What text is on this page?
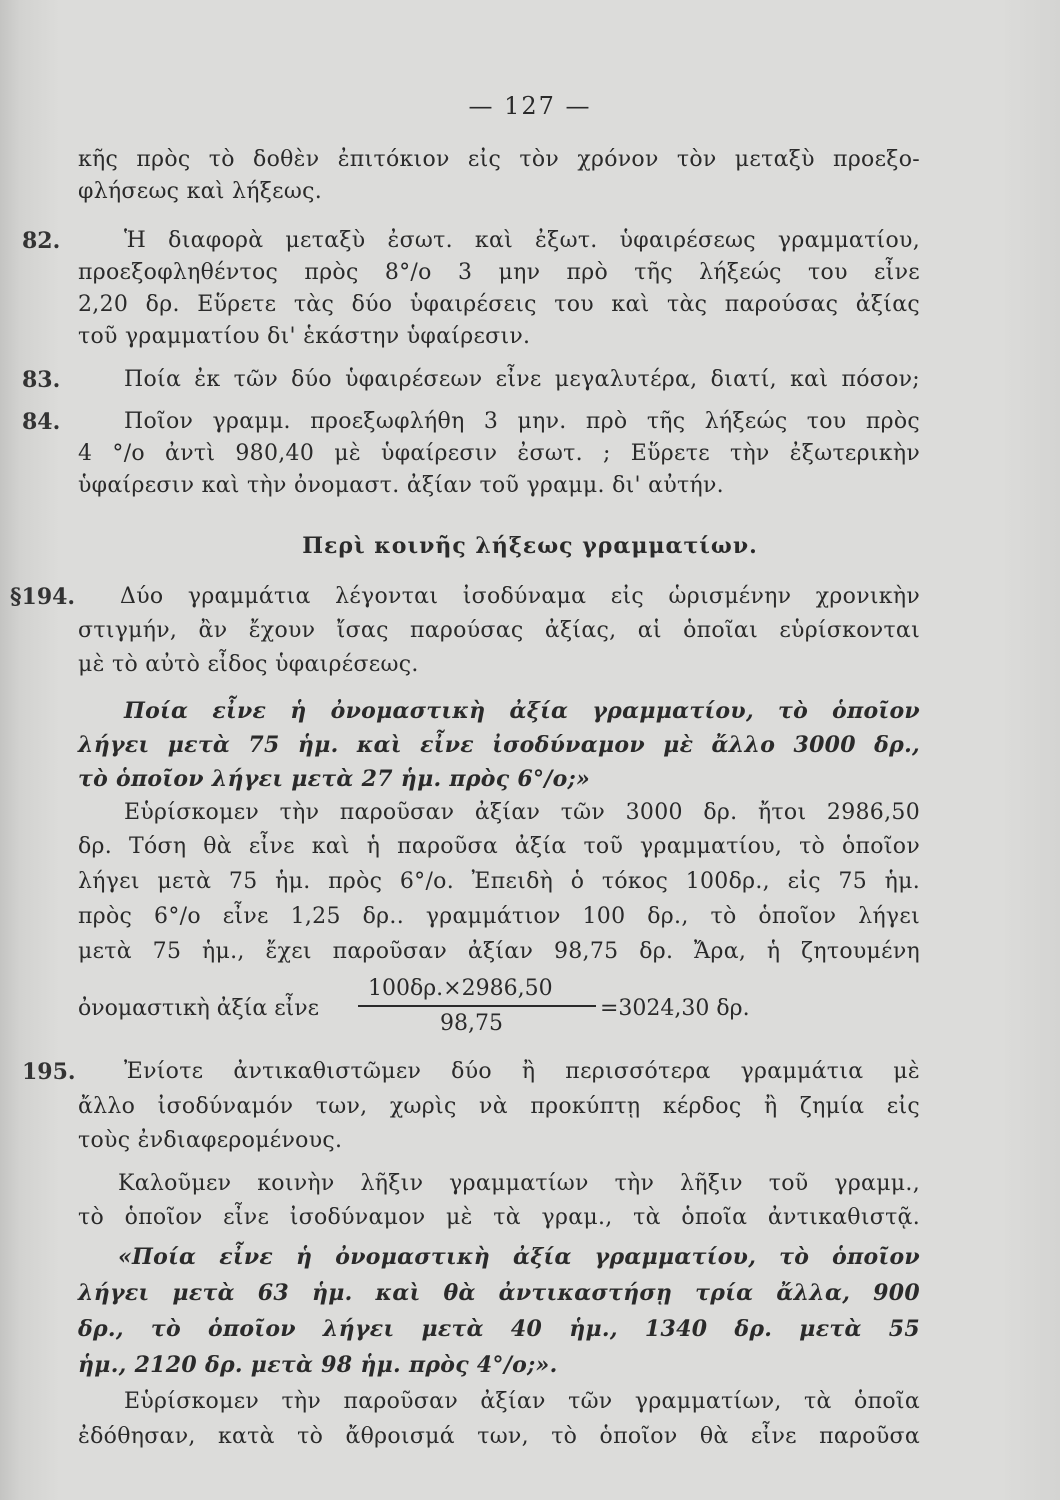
— 127 —
κῆς πρὸς τὸ δοθὲν ἐπιτόκιον εἰς τὸν χρόνον τὸν μεταξὺ προεξο-
φλήσεως καὶ λήξεως.
82.	Ἡ διαφορὰ μεταξὺ ἐσωτ. καὶ ἐξωτ. ὑφαιρέσεως γραμματίου,
προεξοφληθέντος πρὸς 8°/ο 3 μην πρὸ τῆς λήξεώς του εἶνε
2,20 δρ. Εὕρετε τὰς δύο ὑφαιρέσεις του καὶ τὰς παρούσας ἀξίας
τοῦ γραμματίου δι' ἑκάστην ὑφαίρεσιν.
83.	Ποία ἐκ τῶν δύο ὑφαιρέσεων εἶνε μεγαλυτέρα, διατί, καὶ πόσον;
84.	Ποῖον γραμμ. προεξωφλήθη 3 μην. πρὸ τῆς λήξεώς του πρὸς
4 °/ο ἀντὶ 980,40 μὲ ὑφαίρεσιν ἐσωτ. ; Εὕρετε τὴν ἐξωτερικὴν
ὑφαίρεσιν καὶ τὴν ὀνομαστ. ἀξίαν τοῦ γραμμ. δι' αὐτήν.
Περὶ κοινῆς λήξεως γραμματίων.
§194. Δύο γραμμάτια λέγονται ἰσοδύναμα εἰς ὡρισμένην χρονικὴν
στιγμήν, ἂν ἔχουν ἴσας παρούσας ἀξίας, αἱ ὁποῖαι εὑρίσκονται
μὲ τὸ αὐτὸ εἶδος ὑφαιρέσεως.
Ποία εἶνε ἡ ὀνομαστικὴ ἀξία γραμματίου, τὸ ὁποῖον
λήγει μετὰ 75 ἡμ. καὶ εἶνε ἰσοδύναμον μὲ ἄλλο 3000 δρ.,
τὸ ὁποῖον λήγει μετὰ 27 ἡμ. πρὸς 6°/ο;»
Εὑρίσκομεν τὴν παροῦσαν ἀξίαν τῶν 3000 δρ. ἤτοι 2986,50
δρ. Τόση θὰ εἶνε καὶ ἡ παροῦσα ἀξία τοῦ γραμματίου, τὸ ὁποῖον
λήγει μετὰ 75 ἡμ. πρὸς 6°/ο. Ἐπειδὴ ὁ τόκος 100δρ., εἰς 75 ἡμ.
πρὸς 6°/ο εἶνε 1,25 δρ.. γραμμάτιον 100 δρ., τὸ ὁποῖον λήγει
μετὰ 75 ἡμ., ἔχει παροῦσαν ἀξίαν 98,75 δρ. Ἄρα, ἡ ζητουμένη
ὀνομαστικὴ ἀξία εἶνε
100δρ.×2986,50
98,75
=3024,30 δρ.
195. Ἐνίοτε ἀντικαθιστῶμεν δύο ἢ περισσότερα γραμμάτια μὲ
ἄλλο ἰσοδύναμόν των, χωρὶς νὰ προκύπτῃ κέρδος ἢ ζημία εἰς
τοὺς ἐνδιαφερομένους.
Καλοῦμεν κοινὴν λῆξιν γραμματίων τὴν λῆξιν τοῦ γραμμ.,
τὸ ὁποῖον εἶνε ἰσοδύναμον μὲ τὰ γραμ., τὰ ὁποῖα ἀντικαθιστᾷ.
«Ποία εἶνε ἡ ὀνομαστικὴ ἀξία γραμματίου, τὸ ὁποῖον
λήγει μετὰ 63 ἡμ. καὶ θὰ ἀντικαστήσῃ τρία ἄλλα, 900
δρ., τὸ ὁποῖον λήγει μετὰ 40 ἡμ., 1340 δρ. μετὰ 55
ἡμ., 2120 δρ. μετὰ 98 ἡμ. πρὸς 4°/ο;».
Εὑρίσκομεν τὴν παροῦσαν ἀξίαν τῶν γραμματίων, τὰ ὁποῖα
ἐδόθησαν, κατὰ τὸ ἄθροισμά των, τὸ ὁποῖον θὰ εἶνε παροῦσα
